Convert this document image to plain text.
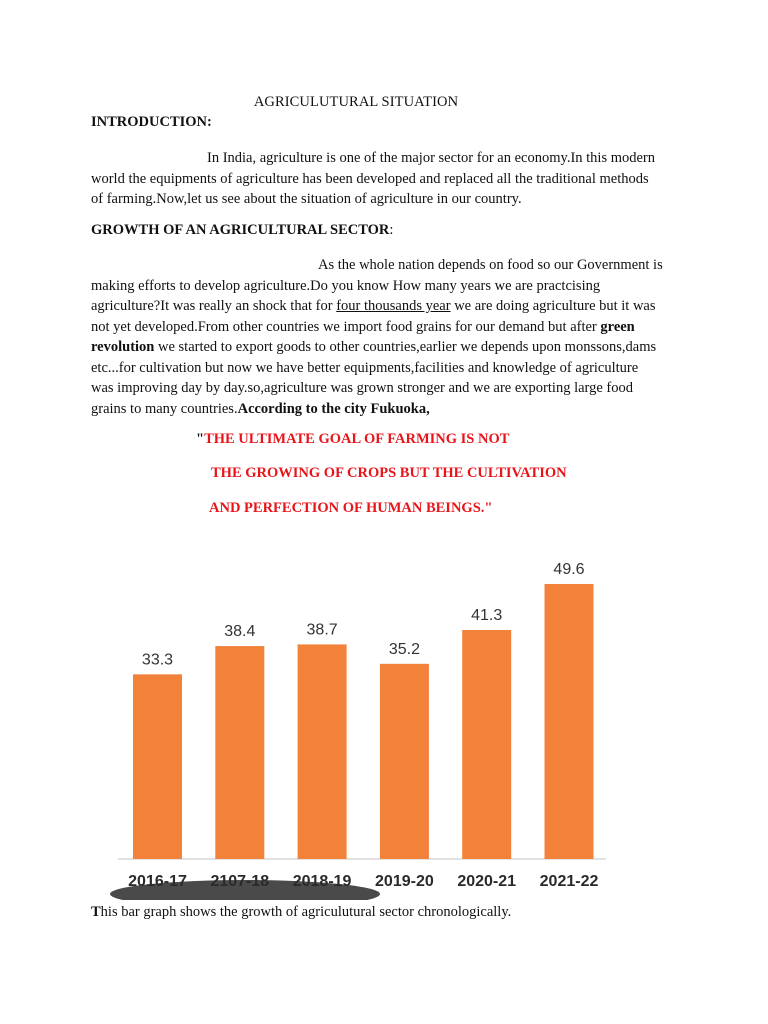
AGRICULUTURAL SITUATION
INTRODUCTION:

In India, agriculture is one of the major sector for an economy.In this modern
world the equipments of agriculture has been developed and replaced all the traditional methods
of farming.Now,let us see about the situation of agriculture in our country.

GROWTH OF AN AGRICULTURAL SECTOR:

As the whole nation depends on food so our Government is
making efforts to develop agriculture.Do you know How many years we are practcising
agriculture?It was really an shock that for four thousands year we are doing agriculture but it was
not yet developed.From other countries we import food grains for our demand but after green
revolution we started to export goods to other countries,earlier we depends upon monssons,dams
etc...for cultivation but now we have better equipments,facilities and knowledge of agriculture
was improving day by day.so,agriculture was grown stronger and we are exporting large food
grains to many countries.According to the city Fukuoka,

"THE ULTIMATE GOAL OF FARMING IS NOT
THE GROWING OF CROPS BUT THE CULTIVATION
AND PERFECTION OF HUMAN BEINGS."
33.3
2016-17
38.4
2107-18
38.7
2018-19
35.2
2019-20
41.3
2020-21
49.6
2021-22
This bar graph shows the growth of agriculutural sector chronologically.
